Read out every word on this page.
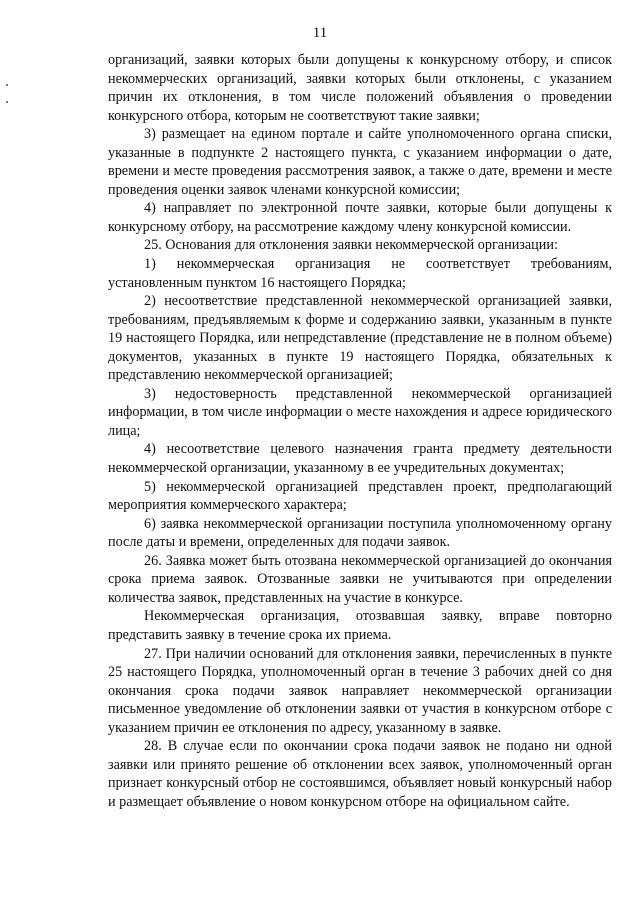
11

организаций, заявки которых были допущены к конкурсному отбору, и список некоммерческих организаций, заявки которых были отклонены, с указанием причин их отклонения, в том числе положений объявления о проведении конкурсного отбора, которым не соответствуют такие заявки;

3) размещает на едином портале и сайте уполномоченного органа списки, указанные в подпункте 2 настоящего пункта, с указанием информации о дате, времени и месте проведения рассмотрения заявок, а также о дате, времени и месте проведения оценки заявок членами конкурсной комиссии;

4) направляет по электронной почте заявки, которые были допущены к конкурсному отбору, на рассмотрение каждому члену конкурсной комиссии.

25. Основания для отклонения заявки некоммерческой организации:

1) некоммерческая организация не соответствует требованиям, установленным пунктом 16 настоящего Порядка;

2) несоответствие представленной некоммерческой организацией заявки, требованиям, предъявляемым к форме и содержанию заявки, указанным в пункте 19 настоящего Порядка, или непредставление (представление не в полном объеме) документов, указанных в пункте 19 настоящего Порядка, обязательных к представлению некоммерческой организацией;

3) недостоверность представленной некоммерческой организацией информации, в том числе информации о месте нахождения и адресе юридического лица;

4) несоответствие целевого назначения гранта предмету деятельности некоммерческой организации, указанному в ее учредительных документах;

5) некоммерческой организацией представлен проект, предполагающий мероприятия коммерческого характера;

6) заявка некоммерческой организации поступила уполномоченному органу после даты и времени, определенных для подачи заявок.

26. Заявка может быть отозвана некоммерческой организацией до окончания срока приема заявок. Отозванные заявки не учитываются при определении количества заявок, представленных на участие в конкурсе.

Некоммерческая организация, отозвавшая заявку, вправе повторно представить заявку в течение срока их приема.

27. При наличии оснований для отклонения заявки, перечисленных в пункте 25 настоящего Порядка, уполномоченный орган в течение 3 рабочих дней со дня окончания срока подачи заявок направляет некоммерческой организации письменное уведомление об отклонении заявки от участия в конкурсном отборе с указанием причин ее отклонения по адресу, указанному в заявке.

28. В случае если по окончании срока подачи заявок не подано ни одной заявки или принято решение об отклонении всех заявок, уполномоченный орган признает конкурсный отбор не состоявшимся, объявляет новый конкурсный набор и размещает объявление о новом конкурсном отборе на официальном сайте.
